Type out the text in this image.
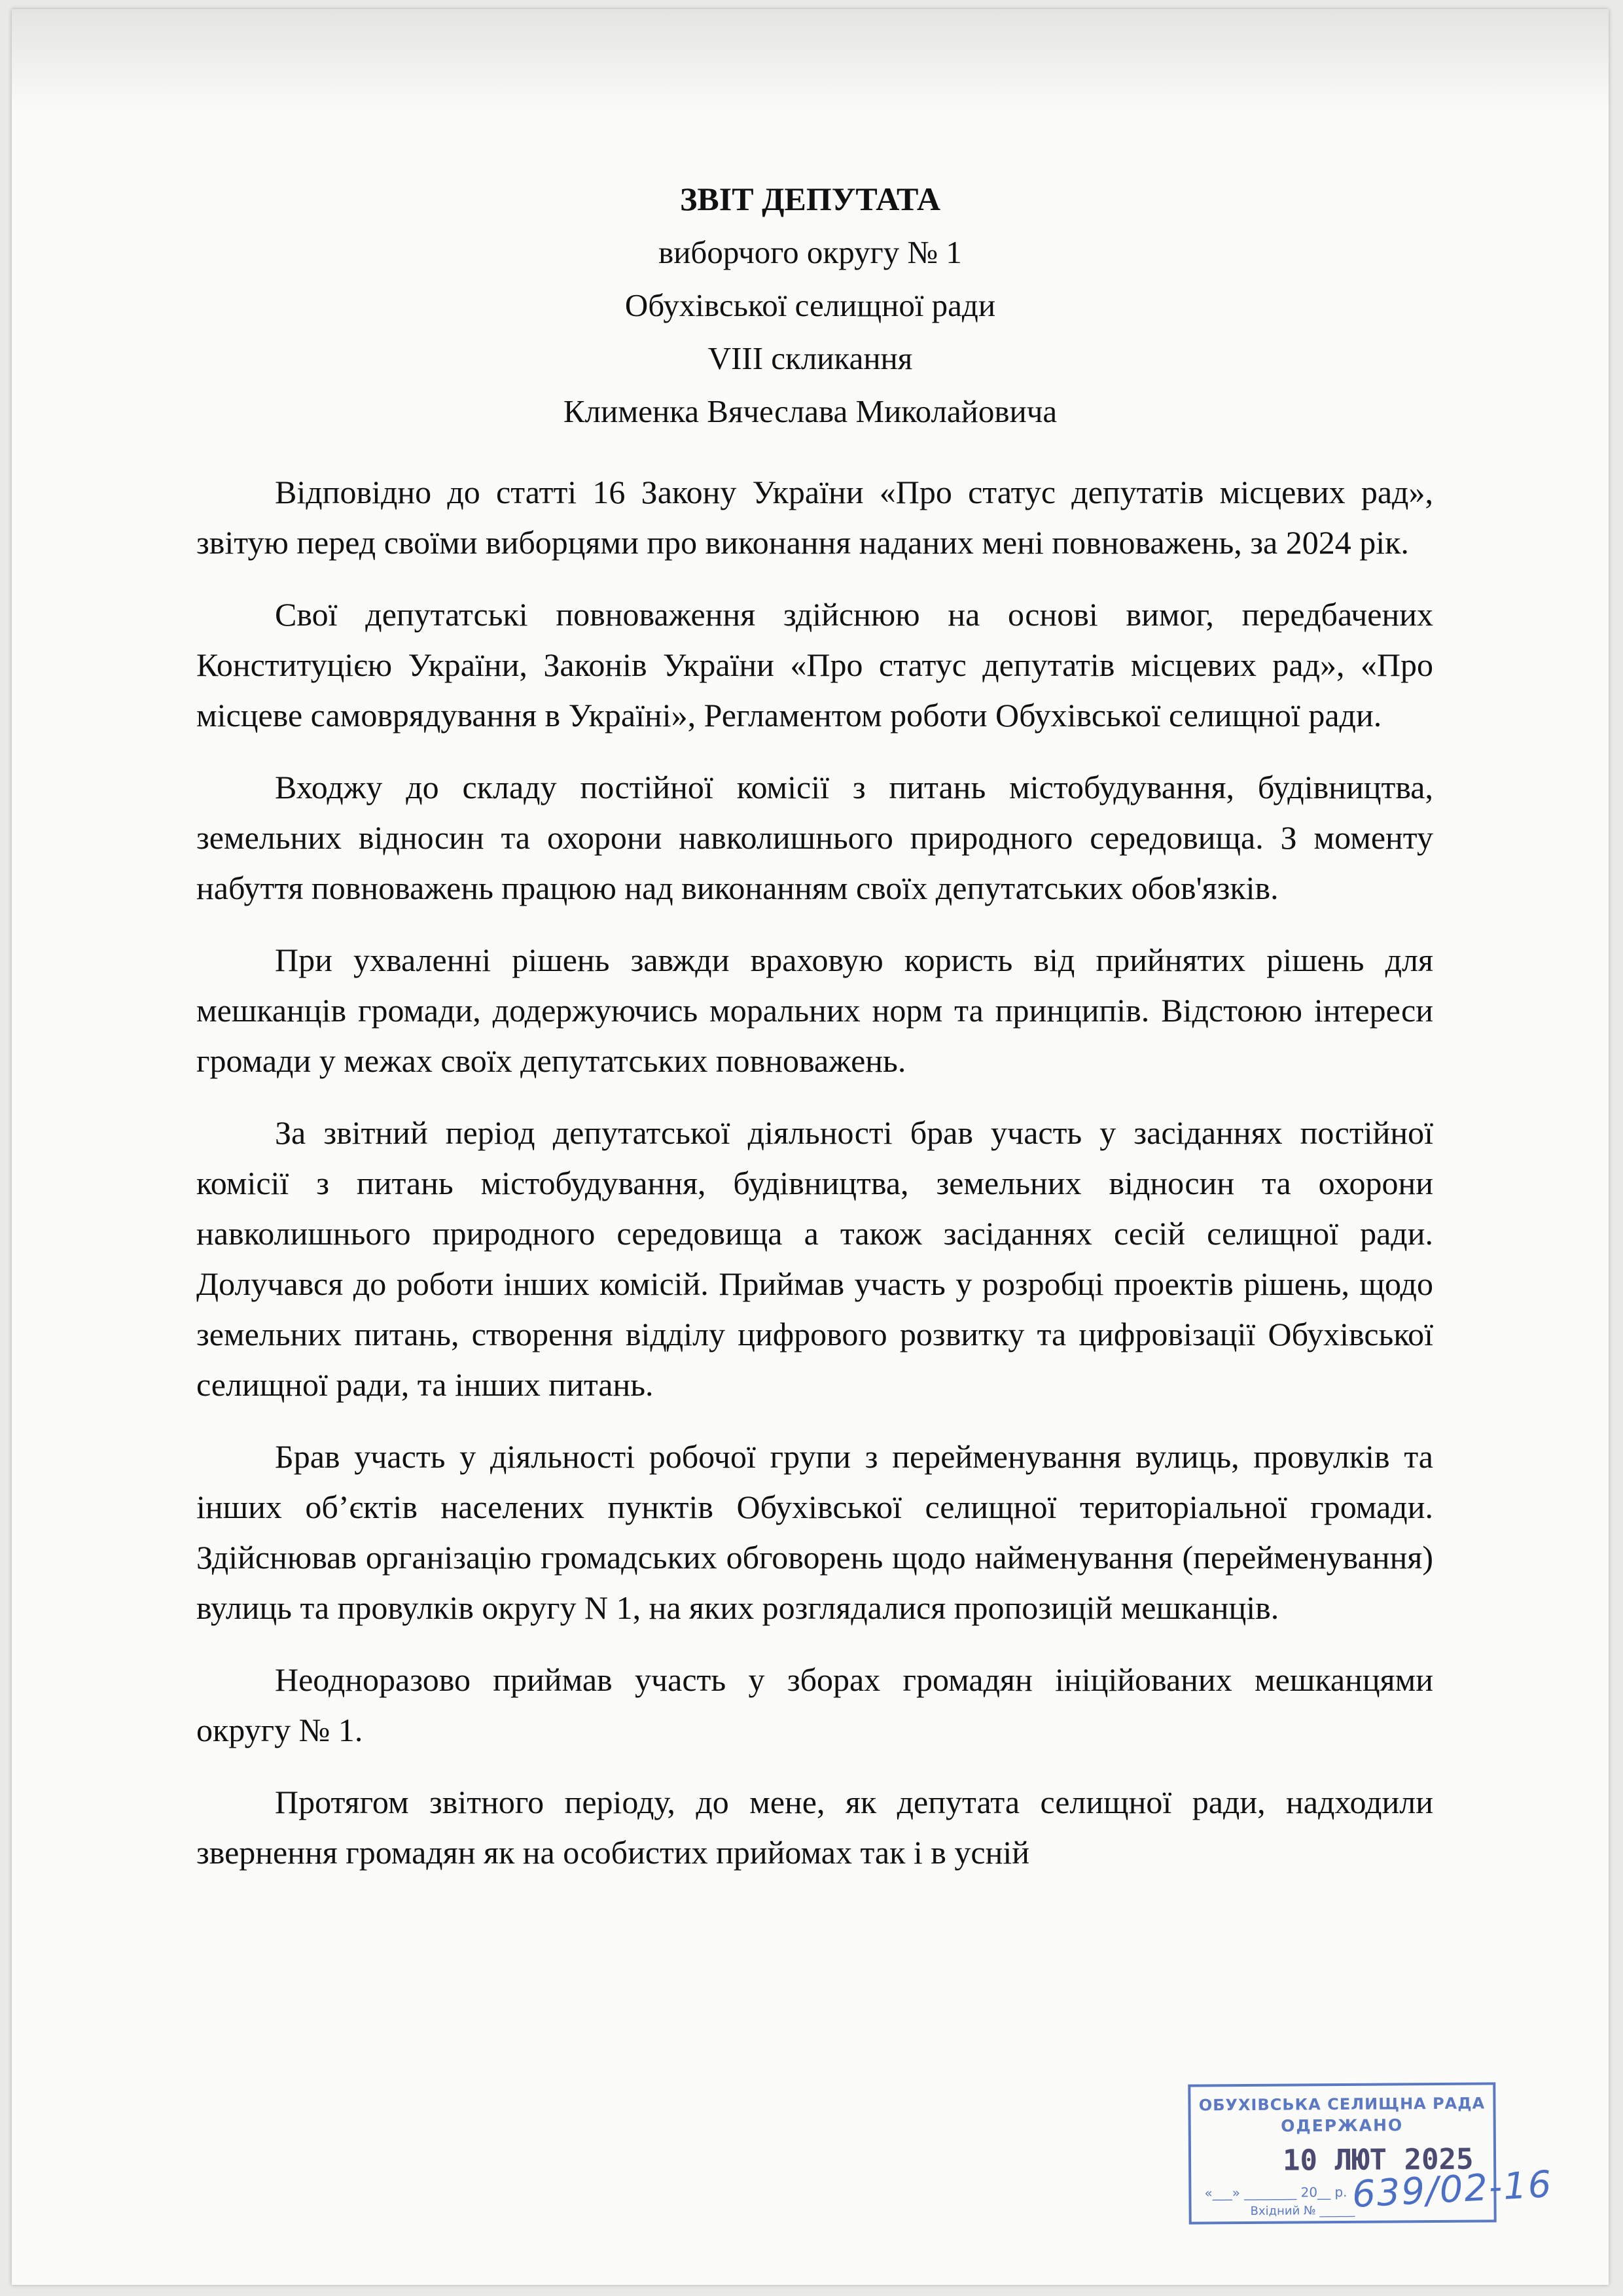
ЗВІТ ДЕПУТАТА
виборчого округу № 1
Обухівської селищної ради
VIII скликання
Клименка Вячеслава Миколайовича

Відповідно до статті 16 Закону України «Про статус депутатів місцевих рад», звітую перед своїми виборцями про виконання наданих мені повноважень, за 2024 рік.

Свої депутатські повноваження здійснюю на основі вимог, передбачених Конституцією України, Законів України «Про статус депутатів місцевих рад», «Про місцеве самоврядування в Україні», Регламентом роботи Обухівської селищної ради.

Входжу до складу постійної комісії з питань містобудування, будівництва, земельних відносин та охорони навколишнього природного середовища. З моменту набуття повноважень працюю над виконанням своїх депутатських обов'язків.

При ухваленні рішень завжди враховую користь від прийнятих рішень для мешканців громади, додержуючись моральних норм та принципів. Відстоюю інтереси громади у межах своїх депутатських повноважень.

За звітний період депутатської діяльності брав участь у засіданнях постійної комісії з питань містобудування, будівництва, земельних відносин та охорони навколишнього природного середовища а також засіданнях сесій селищної ради. Долучався до роботи інших комісій. Приймав участь у розробці проектів рішень, щодо земельних питань, створення відділу цифрового розвитку та цифровізації Обухівської селищної ради, та інших питань.

Брав участь у діяльності робочої групи з перейменування вулиць, провулків та інших об’єктів населених пунктів Обухівської селищної територіальної громади. Здійснював організацію громадських обговорень щодо найменування (перейменування) вулиць та провулків округу N 1, на яких розглядалися пропозицій мешканців.

Неодноразово приймав участь у зборах громадян ініційованих мешканцями округу № 1.

Протягом звітного періоду, до мене, як депутата селищної ради, надходили звернення громадян як на особистих прийомах так і в усній

ОБУХІВСЬКА СЕЛИЩНА РАДА
ОДЕРЖАНО
10 ЛЮТ 2025
«___» ________ 20__ р.
Вхідний № ______
639/02-16
